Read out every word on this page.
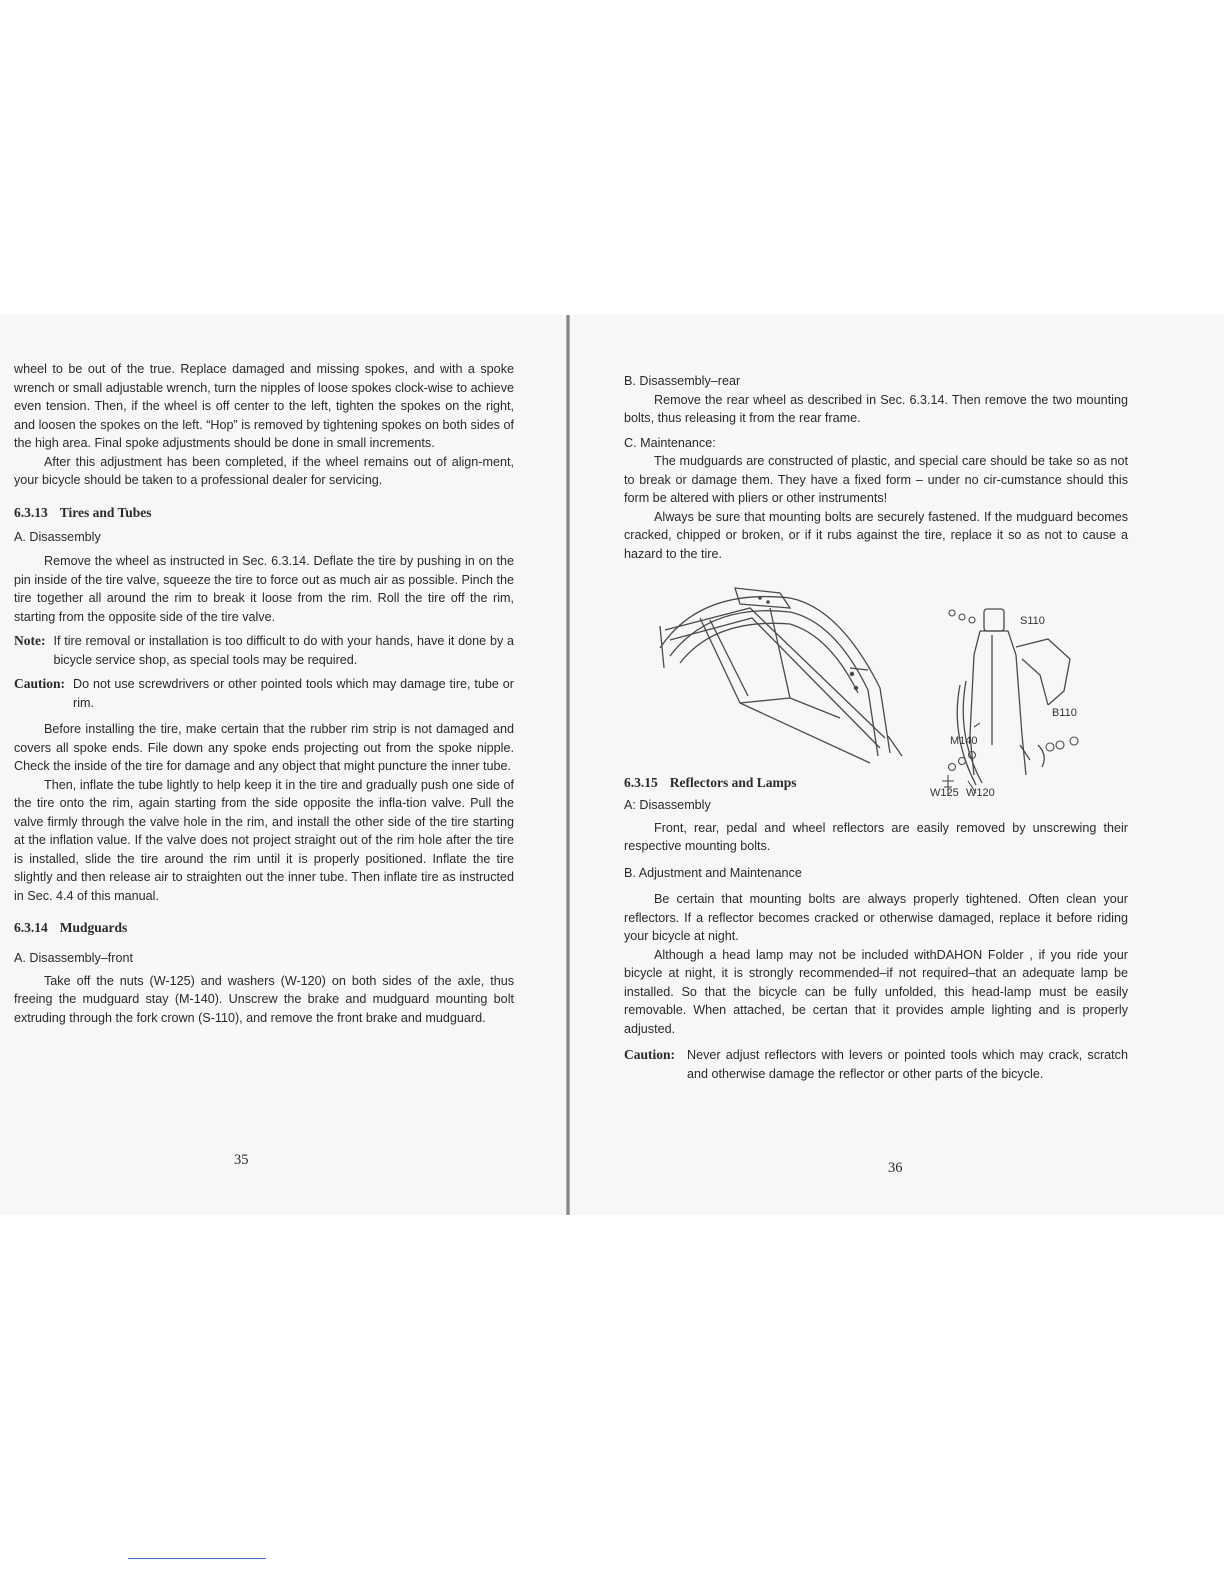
wheel to be out of the true. Replace damaged and missing spokes, and with a spoke wrench or small adjustable wrench, turn the nipples of loose spokes clock-wise to achieve even tension. Then, if the wheel is off center to the left, tighten the spokes on the right, and loosen the spokes on the left. “Hop” is removed by tightening spokes on both sides of the high area. Final spoke adjustments should be done in small increments.

After this adjustment has been completed, if the wheel remains out of align-ment, your bicycle should be taken to a professional dealer for servicing.

6.3.13 Tires and Tubes
A. Disassembly

Remove the wheel as instructed in Sec. 6.3.14. Deflate the tire by pushing in on the pin inside of the tire valve, squeeze the tire to force out as much air as possible. Pinch the tire together all around the rim to break it loose from the rim. Roll the tire off the rim, starting from the opposite side of the tire valve.

Note: If tire removal or installation is too difficult to do with your hands, have it done by a bicycle service shop, as special tools may be required.
Caution: Do not use screwdrivers or other pointed tools which may damage tire, tube or rim.

Before installing the tire, make certain that the rubber rim strip is not damaged and covers all spoke ends. File down any spoke ends projecting out from the spoke nipple. Check the inside of the tire for damage and any object that might puncture the inner tube.

Then, inflate the tube lightly to help keep it in the tire and gradually push one side of the tire onto the rim, again starting from the side opposite the infla-tion valve. Pull the valve firmly through the valve hole in the rim, and install the other side of the tire starting at the inflation value. If the valve does not project straight out of the rim hole after the tire is installed, slide the tire around the rim until it is properly positioned. Inflate the tire slightly and then release air to straighten out the inner tube. Then inflate tire as instructed in Sec. 4.4 of this manual.

6.3.14 Mudguards
A. Disassembly–front

Take off the nuts (W-125) and washers (W-120) on both sides of the axle, thus freeing the mudguard stay (M-140). Unscrew the brake and mudguard mounting bolt extruding through the fork crown (S-110), and remove the front brake and mudguard.

35
B. Disassembly–rear

Remove the rear wheel as described in Sec. 6.3.14. Then remove the two mounting bolts, thus releasing it from the rear frame.

C. Maintenance:

The mudguards are constructed of plastic, and special care should be take so as not to break or damage them. They have a fixed form – under no cir-cumstance should this form be altered with pliers or other instruments!

Always be sure that mounting bolts are securely fastened. If the mudguard becomes cracked, chipped or broken, or if it rubs against the tire, replace it so as not to cause a hazard to the tire.

S110
B110
M140
W125 W120
6.3.15 Reflectors and Lamps
A: Disassembly

Front, rear, pedal and wheel reflectors are easily removed by unscrewing their respective mounting bolts.

B. Adjustment and Maintenance

Be certain that mounting bolts are always properly tightened. Often clean your reflectors. If a reflector becomes cracked or otherwise damaged, replace it before riding your bicycle at night.

Although a head lamp may not be included withDAHON Folder , if you ride your bicycle at night, it is strongly recommended–if not required–that an adequate lamp be installed. So that the bicycle can be fully unfolded, this head-lamp must be easily removable. When attached, be certan that it provides ample lighting and is properly adjusted.

Caution: Never adjust reflectors with levers or pointed tools which may crack, scratch and otherwise damage the reflector or other parts of the bicycle.
36
